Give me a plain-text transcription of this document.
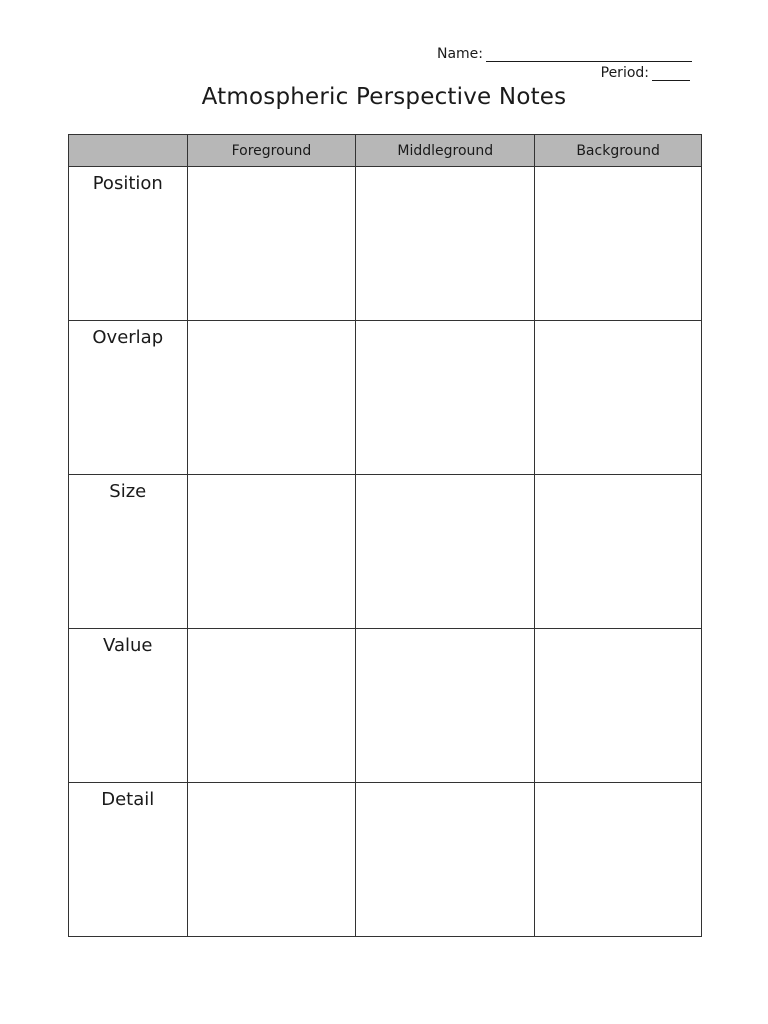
Name:
Period:
Atmospheric Perspective Notes
	Foreground	Middleground	Background
Position			
Overlap			
Size			
Value			
Detail			
